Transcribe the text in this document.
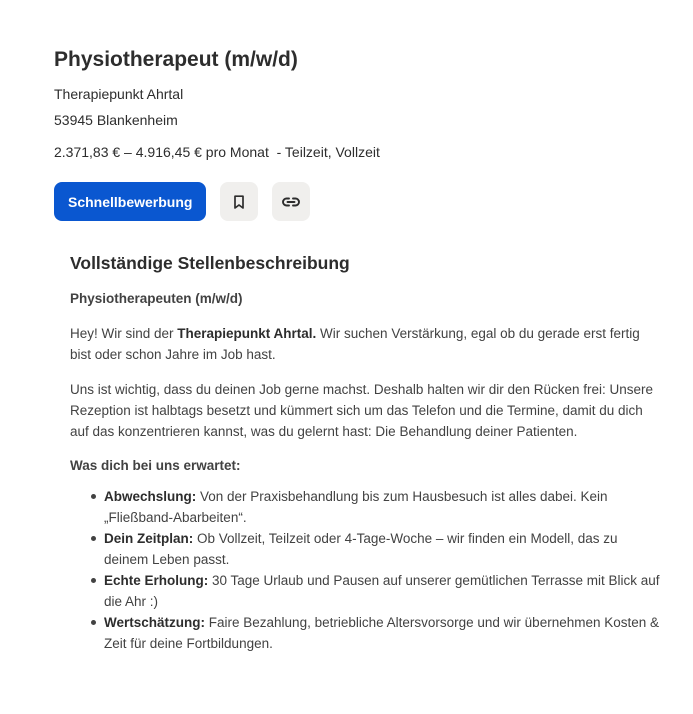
Physiotherapeut (m/w/d)
Therapiepunkt Ahrtal
53945 Blankenheim
2.371,83 € – 4.916,45 € pro Monat  - Teilzeit, Vollzeit
Schnellbewerbung
Vollständige Stellenbeschreibung
Physiotherapeuten (m/w/d)
Hey! Wir sind der Therapiepunkt Ahrtal. Wir suchen Verstärkung, egal ob du gerade erst fertig bist oder schon Jahre im Job hast.
Uns ist wichtig, dass du deinen Job gerne machst. Deshalb halten wir dir den Rücken frei: Unsere Rezeption ist halbtags besetzt und kümmert sich um das Telefon und die Termine, damit du dich auf das konzentrieren kannst, was du gelernt hast: Die Behandlung deiner Patienten.
Was dich bei uns erwartet:
Abwechslung: Von der Praxisbehandlung bis zum Hausbesuch ist alles dabei. Kein „Fließband-Abarbeiten“.
Dein Zeitplan: Ob Vollzeit, Teilzeit oder 4-Tage-Woche – wir finden ein Modell, das zu deinem Leben passt.
Echte Erholung: 30 Tage Urlaub und Pausen auf unserer gemütlichen Terrasse mit Blick auf die Ahr :)
Wertschätzung: Faire Bezahlung, betriebliche Altersvorsorge und wir übernehmen Kosten & Zeit für deine Fortbildungen.
